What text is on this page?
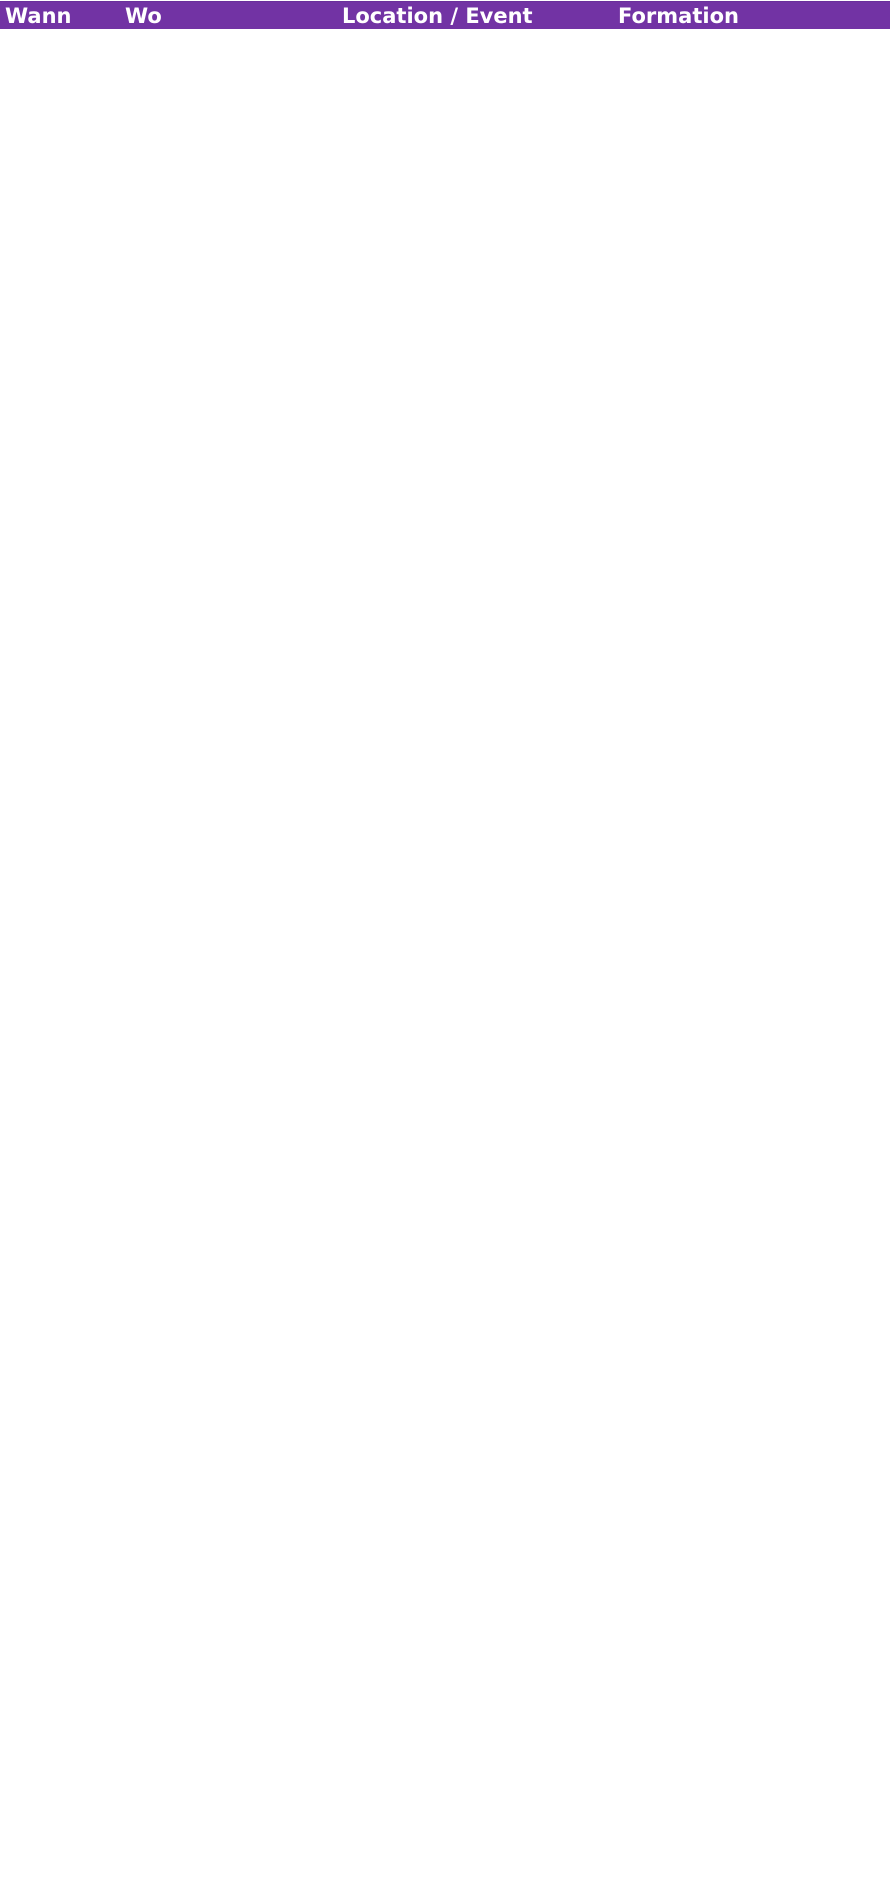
Wann	Wo	Location / Event	Formation
